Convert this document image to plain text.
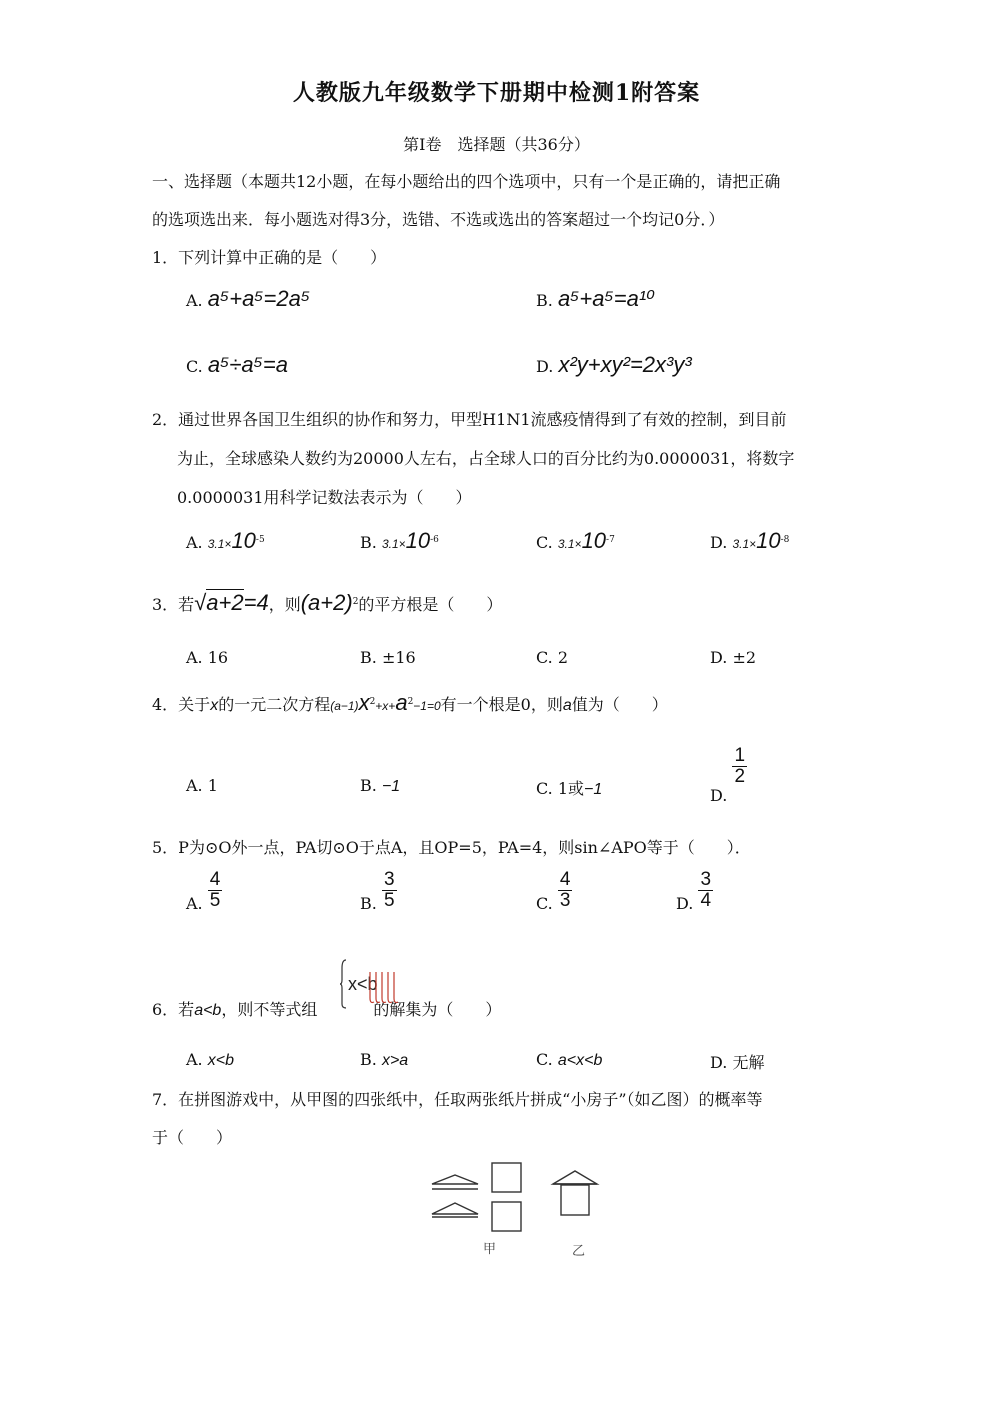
人教版九年级数学下册期中检测1附答案
第Ⅰ卷　选择题（共36分）
一、选择题（本题共12小题，在每小题给出的四个选项中，只有一个是正确的，请把正确
的选项选出来．每小题选对得3分，选错、不选或选出的答案超过一个均记0分．）
1．下列计算中正确的是（　　）
A. a⁵+a⁵=2a⁵	B. a⁵+a⁵=a¹⁰
C. a⁵÷a⁵=a	D. x²y+xy²=2x³y³
2．通过世界各国卫生组织的协作和努力，甲型H1N1流感疫情得到了有效的控制，到目前
为止，全球感染人数约为20000人左右，占全球人口的百分比约为0.0000031，将数字
0.0000031用科学记数法表示为（　　）
A. $3.1\times 10^{-5}$	B. $3.1\times 10^{-6}$	C. $3.1\times 10^{-7}$	D. $3.1\times 10^{-8}$
3．若√a+2=4，则$(a+2)^2$的平方根是（　　）
A. 16	B. ±16	C. 2	D. ±2
4．关于x的一元二次方程$(a-1)x^2+x+a^2-1=0$有一个根是0，则a值为（　　）
A. 1	B. −1	C. 1或−1	D.
$\frac{1}{2}$
5．P为⊙O外一点，PA切⊙O于点A，且OP=5，PA=4，则sin∠APO等于（　　）．
A. $\frac{4}{5}$	B. $\frac{3}{5}$	C. $\frac{4}{3}$	D. $\frac{3}{4}$
6．若a<b，则不等式组	的解集为（　　）
x<b
A. x<b	B. x>a	C. a<x<b	D. 无解
7．在拼图游戏中，从甲图的四张纸中，任取两张纸片拼成“小房子”（如乙图）的概率等
于（　　）
甲	乙
